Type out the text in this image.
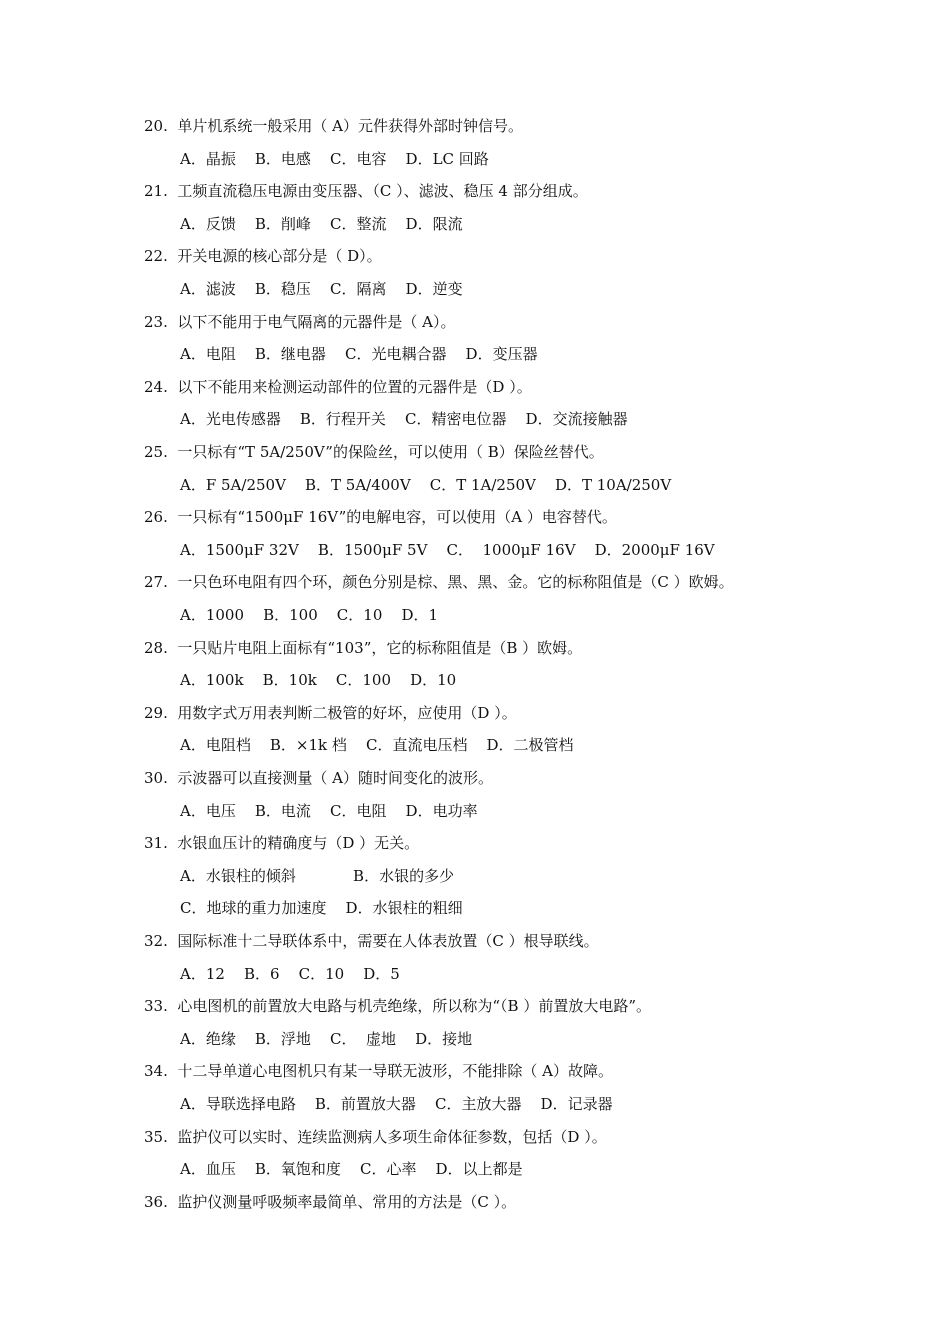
20.  单片机系统一般采用（ A）元件获得外部时钟信号。
A．晶振    B．电感    C．电容    D．LC 回路
21.  工频直流稳压电源由变压器、（C ）、滤波、稳压 4 部分组成。
A．反馈    B．削峰    C．整流    D．限流
22.  开关电源的核心部分是（ D）。
A．滤波    B．稳压    C．隔离    D．逆变
23.  以下不能用于电气隔离的元器件是（ A）。
A．电阻    B．继电器    C．光电耦合器    D．变压器
24.  以下不能用来检测运动部件的位置的元器件是（D ）。
A．光电传感器    B．行程开关    C．精密电位器    D．交流接触器
25.  一只标有“T 5A/250V”的保险丝，可以使用（ B）保险丝替代。
A．F 5A/250V    B．T 5A/400V    C．T 1A/250V    D．T 10A/250V
26.  一只标有“1500μF 16V”的电解电容，可以使用（A ）电容替代。
A．1500μF 32V    B．1500μF 5V    C．  1000μF 16V    D．2000μF 16V
27.  一只色环电阻有四个环，颜色分别是棕、黑、黑、金。它的标称阻值是（C ）欧姆。
A．1000    B．100    C．10    D．1
28.  一只贴片电阻上面标有“103”，它的标称阻值是（B ）欧姆。
A．100k    B．10k    C．100    D．10
29.  用数字式万用表判断二极管的好坏，应使用（D ）。
A．电阻档    B．×1k 档    C．直流电压档    D．二极管档
30.  示波器可以直接测量（ A）随时间变化的波形。
A．电压    B．电流    C．电阻    D．电功率
31.  水银血压计的精确度与（D ）无关。
A．水银柱的倾斜            B．水银的多少
C．地球的重力加速度    D．水银柱的粗细
32.  国际标准十二导联体系中，需要在人体表放置（C ）根导联线。
A．12    B．6    C．10    D．5
33.  心电图机的前置放大电路与机壳绝缘，所以称为“（B ）前置放大电路”。
A．绝缘    B．浮地    C．  虚地    D．接地
34.  十二导单道心电图机只有某一导联无波形，不能排除（ A）故障。
A．导联选择电路    B．前置放大器    C．主放大器    D．记录器
35.  监护仪可以实时、连续监测病人多项生命体征参数，包括（D ）。
A．血压    B．氧饱和度    C．心率    D．以上都是
36.  监护仪测量呼吸频率最简单、常用的方法是（C ）。
